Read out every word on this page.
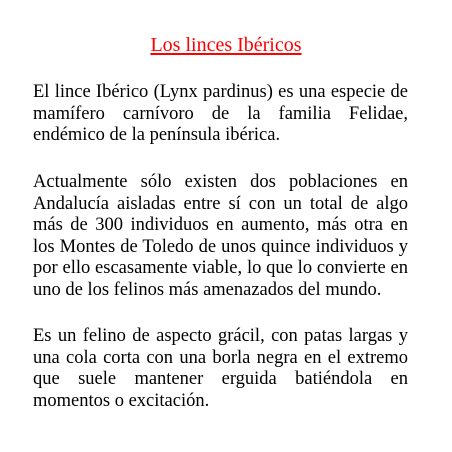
Los linces Ibéricos

El lince Ibérico (Lynx pardinus) es una especie de mamífero carnívoro de la familia Felidae, endémico de la península ibérica.

Actualmente sólo existen dos poblaciones en Andalucía aisladas entre sí con un total de algo más de 300 individuos en aumento, más otra en los Montes de Toledo de unos quince individuos y por ello escasamente viable, lo que lo convierte en uno de los felinos más amenazados del mundo.

Es un felino de aspecto grácil, con patas largas y una cola corta con una borla negra en el extremo que suele mantener erguida batiéndola en momentos o excitación.
